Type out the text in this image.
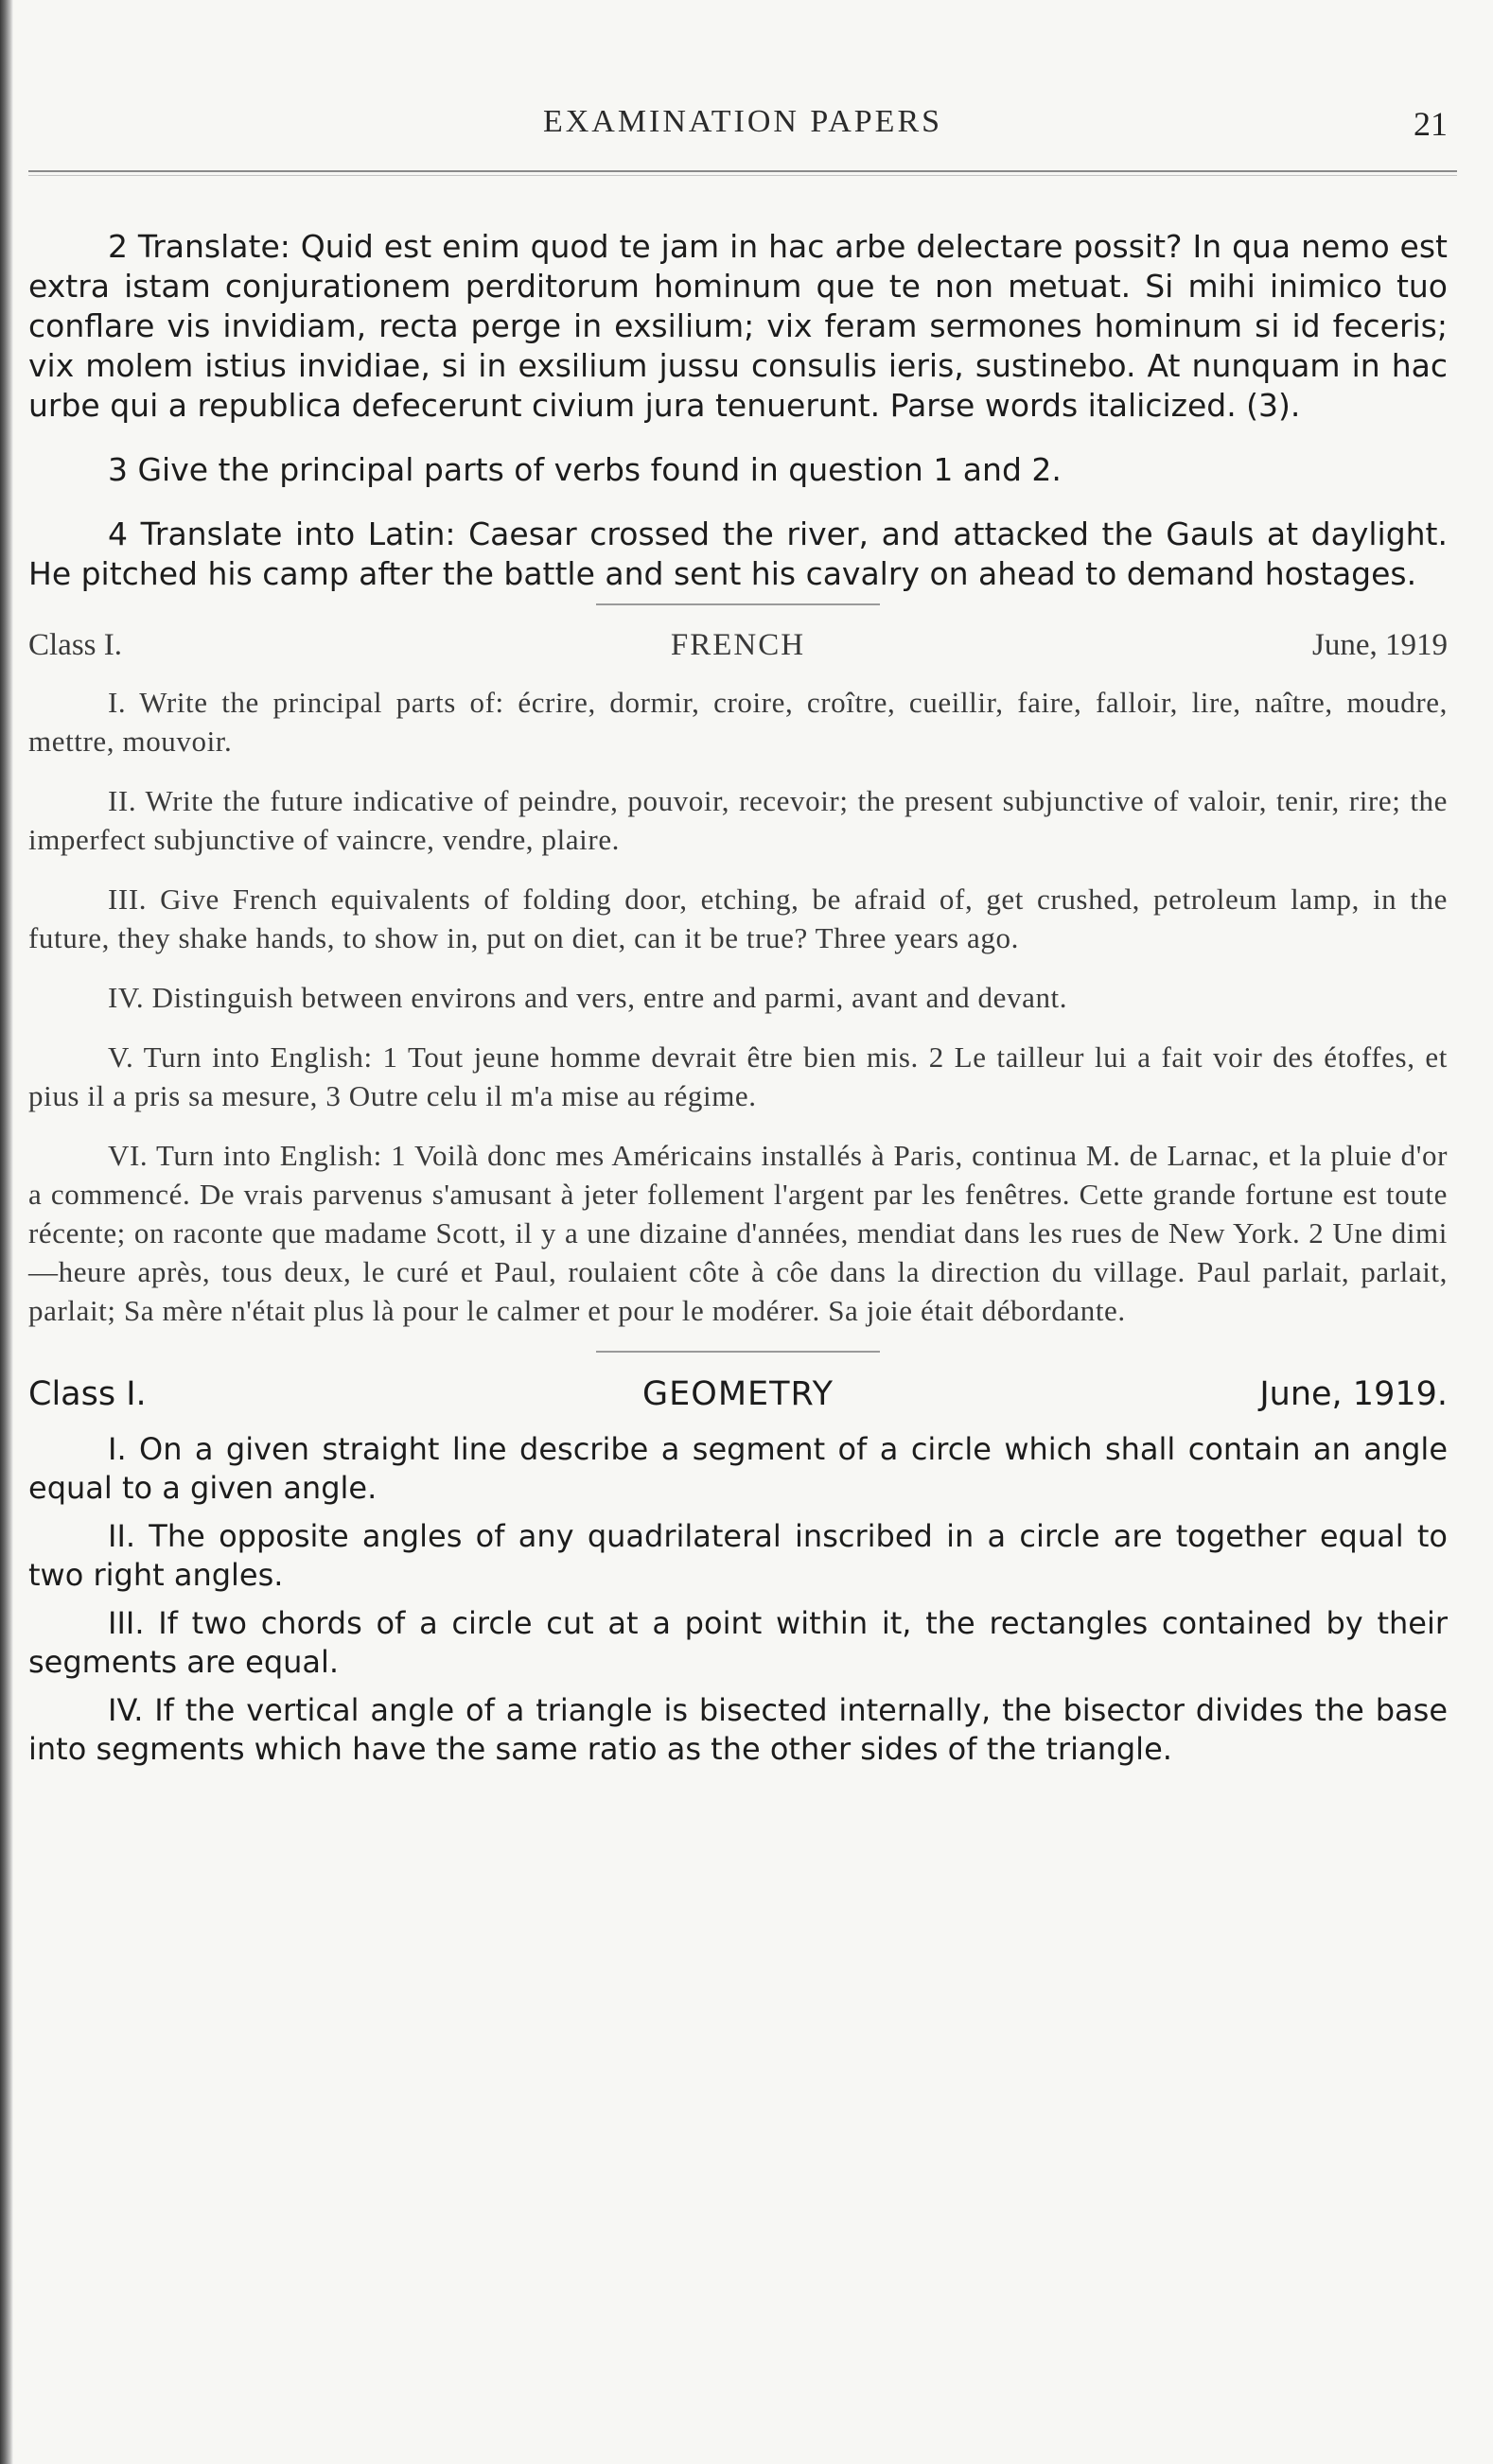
EXAMINATION PAPERS	21

2 Translate: Quid est enim quod te jam in hac arbe delectare possit? In qua nemo est extra istam conjurationem perditorum hominum que te non metuat. Si mihi inimico tuo conflare vis invidiam, recta perge in exsilium; vix feram sermones hominum si id feceris; vix molem istius invidiae, si in exsilium jussu consulis ieris, sustinebo. At nunquam in hac urbe qui a republica defecerunt civium jura tenuerunt. Parse words italicized. (3).

3 Give the principal parts of verbs found in question 1 and 2.

4 Translate into Latin: Caesar crossed the river, and attacked the Gauls at daylight. He pitched his camp after the battle and sent his cavalry on ahead to demand hostages.

Class I.	FRENCH	June, 1919

I. Write the principal parts of: écrire, dormir, croire, croître, cueillir, faire, falloir, lire, naître, moudre, mettre, mouvoir.

II. Write the future indicative of peindre, pouvoir, recevoir; the present subjunctive of valoir, tenir, rire; the imperfect subjunctive of vaincre, vendre, plaire.

III. Give French equivalents of folding door, etching, be afraid of, get crushed, petroleum lamp, in the future, they shake hands, to show in, put on diet, can it be true? Three years ago.

IV. Distinguish between environs and vers, entre and parmi, avant and devant.

V. Turn into English: 1 Tout jeune homme devrait être bien mis. 2 Le tailleur lui a fait voir des étoffes, et pius il a pris sa mesure, 3 Outre celu il m'a mise au régime.

VI. Turn into English: 1 Voilà donc mes Américains installés à Paris, continua M. de Larnac, et la pluie d'or a commencé. De vrais parvenus s'amusant à jeter follement l'argent par les fenêtres. Cette grande fortune est toute récente; on raconte que madame Scott, il y a une dizaine d'années, mendiat dans les rues de New York. 2 Une dimi—heure après, tous deux, le curé et Paul, roulaient côte à côe dans la direction du village. Paul parlait, parlait, parlait; Sa mère n'était plus là pour le calmer et pour le modérer. Sa joie était débordante.

Class I.	GEOMETRY	June, 1919.

I. On a given straight line describe a segment of a circle which shall contain an angle equal to a given angle.

II. The opposite angles of any quadrilateral inscribed in a circle are together equal to two right angles.

III. If two chords of a circle cut at a point within it, the rectangles contained by their segments are equal.

IV. If the vertical angle of a triangle is bisected internally, the bisector divides the base into segments which have the same ratio as the other sides of the triangle.
